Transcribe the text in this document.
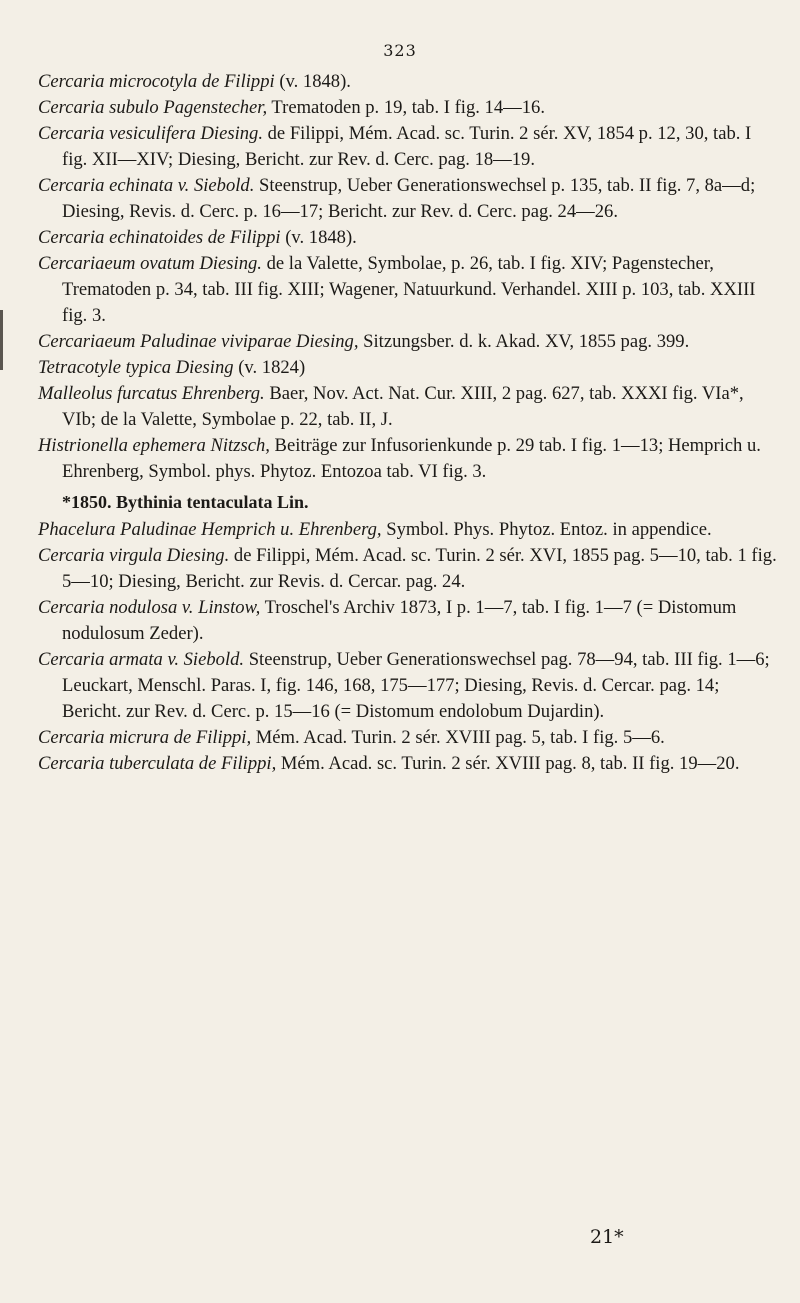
323

Cercaria microcotyla de Filippi (v. 1848).

Cercaria subulo Pagenstecher, Trematoden p. 19, tab. I fig. 14—16.

Cercaria vesiculifera Diesing. de Filippi, Mém. Acad. sc. Turin. 2 sér. XV, 1854 p. 12, 30, tab. I fig. XII—XIV; Diesing, Bericht. zur Rev. d. Cerc. pag. 18—19.

Cercaria echinata v. Siebold. Steenstrup, Ueber Generationswechsel p. 135, tab. II fig. 7, 8a—d; Diesing, Revis. d. Cerc. p. 16—17; Bericht. zur Rev. d. Cerc. pag. 24—26.

Cercaria echinatoides de Filippi (v. 1848).

Cercariaeum ovatum Diesing. de la Valette, Symbolae, p. 26, tab. I fig. XIV; Pagenstecher, Trematoden p. 34, tab. III fig. XIII; Wagener, Natuurkund. Verhandel. XIII p. 103, tab. XXIII fig. 3.

Cercariaeum Paludinae viviparae Diesing, Sitzungsber. d. k. Akad. XV, 1855 pag. 399.

Tetracotyle typica Diesing (v. 1824)

Malleolus furcatus Ehrenberg. Baer, Nov. Act. Nat. Cur. XIII, 2 pag. 627, tab. XXXI fig. VIa*, VIb; de la Valette, Symbolae p. 22, tab. II, J.

Histrionella ephemera Nitzsch, Beiträge zur Infusorienkunde p. 29 tab. I fig. 1—13; Hemprich u. Ehrenberg, Symbol. phys. Phytoz. Entozoa tab. VI fig. 3.

*1850. Bythinia tentaculata Lin.

Phacelura Paludinae Hemprich u. Ehrenberg, Symbol. Phys. Phytoz. Entoz. in appendice.

Cercaria virgula Diesing. de Filippi, Mém. Acad. sc. Turin. 2 sér. XVI, 1855 pag. 5—10, tab. 1 fig. 5—10; Diesing, Bericht. zur Revis. d. Cercar. pag. 24.

Cercaria nodulosa v. Linstow, Troschel's Archiv 1873, I p. 1—7, tab. I fig. 1—7 (= Distomum nodulosum Zeder).

Cercaria armata v. Siebold. Steenstrup, Ueber Generationswechsel pag. 78—94, tab. III fig. 1—6; Leuckart, Menschl. Paras. I, fig. 146, 168, 175—177; Diesing, Revis. d. Cercar. pag. 14; Bericht. zur Rev. d. Cerc. p. 15—16 (= Distomum endolobum Dujardin).

Cercaria micrura de Filippi, Mém. Acad. Turin. 2 sér. XVIII pag. 5, tab. I fig. 5—6.

Cercaria tuberculata de Filippi, Mém. Acad. sc. Turin. 2 sér. XVIII pag. 8, tab. II fig. 19—20.

21*
